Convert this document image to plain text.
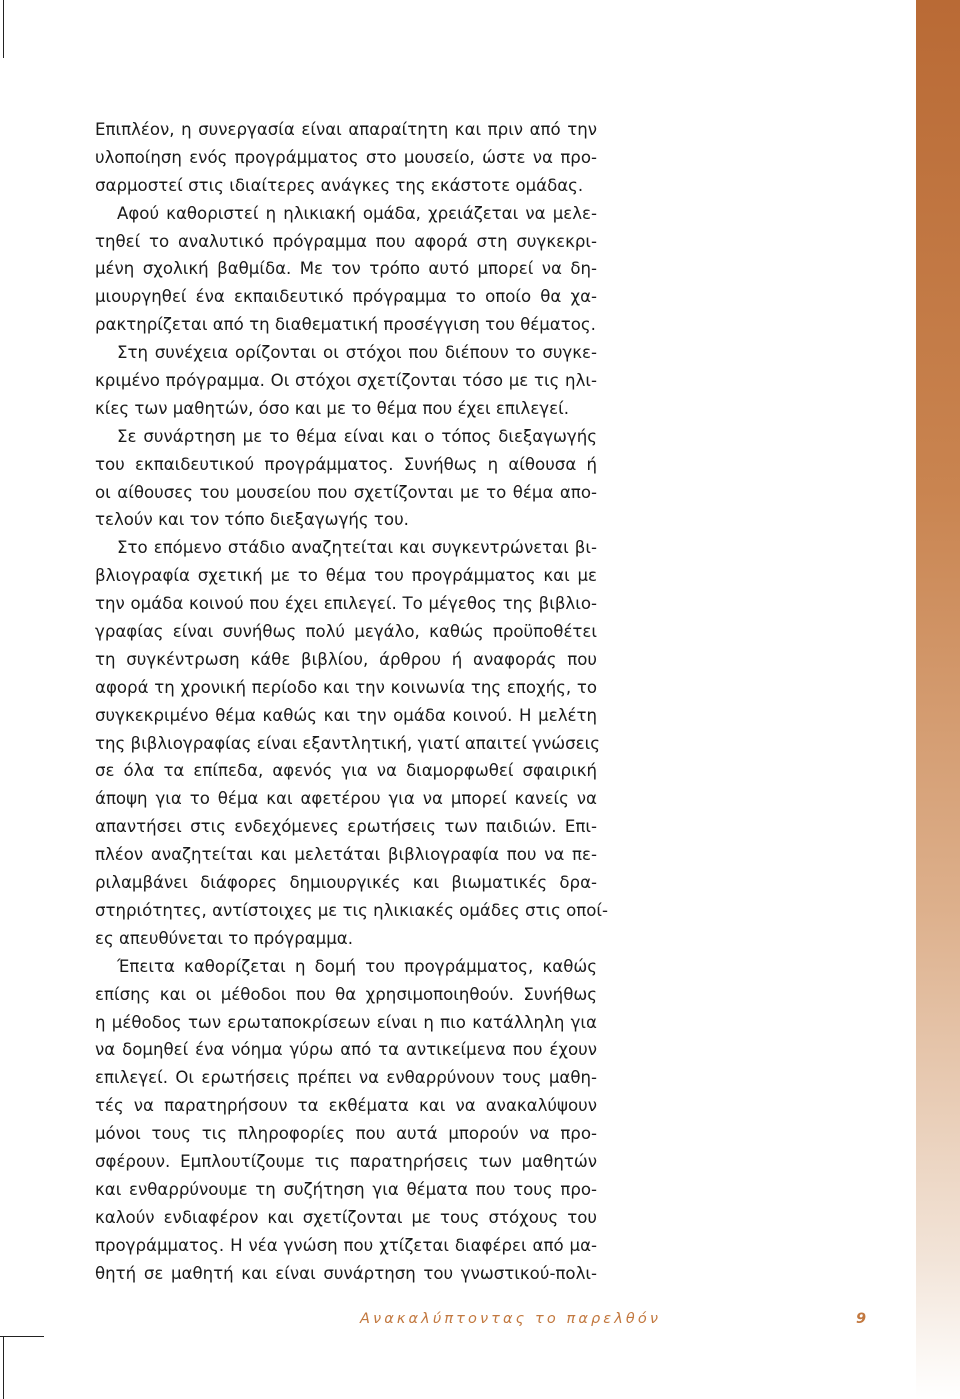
Επιπλέον, η συνεργασία είναι απαραίτητη και πριν από την
υλοποίηση ενός προγράμματος στο μουσείο, ώστε να προ-
σαρμοστεί στις ιδιαίτερες ανάγκες της εκάστοτε ομάδας.
Αφού καθοριστεί η ηλικιακή ομάδα, χρειάζεται να μελε-
τηθεί το αναλυτικό πρόγραμμα που αφορά στη συγκεκρι-
μένη σχολική βαθμίδα. Με τον τρόπο αυτό μπορεί να δη-
μιουργηθεί ένα εκπαιδευτικό πρόγραμμα το οποίο θα χα-
ρακτηρίζεται από τη διαθεματική προσέγγιση του θέματος.
Στη συνέχεια ορίζονται οι στόχοι που διέπουν το συγκε-
κριμένο πρόγραμμα. Οι στόχοι σχετίζονται τόσο με τις ηλι-
κίες των μαθητών, όσο και με το θέμα που έχει επιλεγεί.
Σε συνάρτηση με το θέμα είναι και ο τόπος διεξαγωγής
του εκπαιδευτικού προγράμματος. Συνήθως η αίθουσα ή
οι αίθουσες του μουσείου που σχετίζονται με το θέμα απο-
τελούν και τον τόπο διεξαγωγής του.
Στο επόμενο στάδιο αναζητείται και συγκεντρώνεται βι-
βλιογραφία σχετική με το θέμα του προγράμματος και με
την ομάδα κοινού που έχει επιλεγεί. Το μέγεθος της βιβλιο-
γραφίας είναι συνήθως πολύ μεγάλο, καθώς προϋποθέτει
τη συγκέντρωση κάθε βιβλίου, άρθρου ή αναφοράς που
αφορά τη χρονική περίοδο και την κοινωνία της εποχής, το
συγκεκριμένο θέμα καθώς και την ομάδα κοινού. Η μελέτη
της βιβλιογραφίας είναι εξαντλητική, γιατί απαιτεί γνώσεις
σε όλα τα επίπεδα, αφενός για να διαμορφωθεί σφαιρική
άποψη για το θέμα και αφετέρου για να μπορεί κανείς να
απαντήσει στις ενδεχόμενες ερωτήσεις των παιδιών. Επι-
πλέον αναζητείται και μελετάται βιβλιογραφία που να πε-
ριλαμβάνει διάφορες δημιουργικές και βιωματικές δρα-
στηριότητες, αντίστοιχες με τις ηλικιακές ομάδες στις οποί-
ες απευθύνεται το πρόγραμμα.
Έπειτα καθορίζεται η δομή του προγράμματος, καθώς
επίσης και οι μέθοδοι που θα χρησιμοποιηθούν. Συνήθως
η μέθοδος των ερωταποκρίσεων είναι η πιο κατάλληλη για
να δομηθεί ένα νόημα γύρω από τα αντικείμενα που έχουν
επιλεγεί. Οι ερωτήσεις πρέπει να ενθαρρύνουν τους μαθη-
τές να παρατηρήσουν τα εκθέματα και να ανακαλύψουν
μόνοι τους τις πληροφορίες που αυτά μπορούν να προ-
σφέρουν. Εμπλουτίζουμε τις παρατηρήσεις των μαθητών
και ενθαρρύνουμε τη συζήτηση για θέματα που τους προ-
καλούν ενδιαφέρον και σχετίζονται με τους στόχους του
προγράμματος. Η νέα γνώση που χτίζεται διαφέρει από μα-
θητή σε μαθητή και είναι συνάρτηση του γνωστικού-πολι-
Ανακαλύπτοντας το παρελθόν	9
